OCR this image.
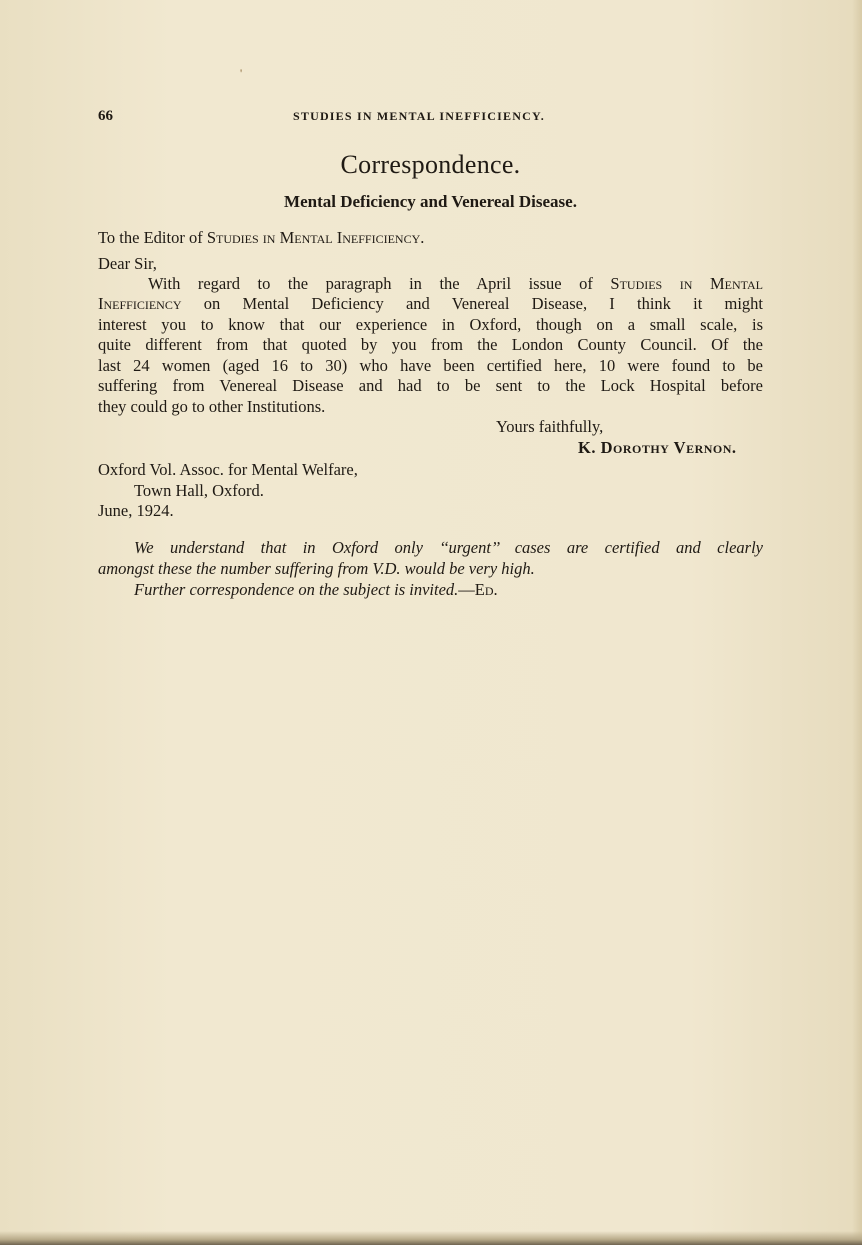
'
66	STUDIES IN MENTAL INEFFICIENCY.
Correspondence.
Mental Deficiency and Venereal Disease.
To the Editor of Studies in Mental Inefficiency.
Dear Sir,
With regard to the paragraph in the April issue of Studies in Mental
Inefficiency on Mental Deficiency and Venereal Disease, I think it might
interest you to know that our experience in Oxford, though on a small scale, is
quite different from that quoted by you from the London County Council. Of the
last 24 women (aged 16 to 30) who have been certified here, 10 were found to be
suffering from Venereal Disease and had to be sent to the Lock Hospital before
they could go to other Institutions.
Yours faithfully,
K. Dorothy Vernon.
Oxford Vol. Assoc. for Mental Welfare,
Town Hall, Oxford.
June, 1924.
We understand that in Oxford only ‘‘urgent’’ cases are certified and clearly
amongst these the number suffering from V.D. would be very high.
Further correspondence on the subject is invited.—Ed.
